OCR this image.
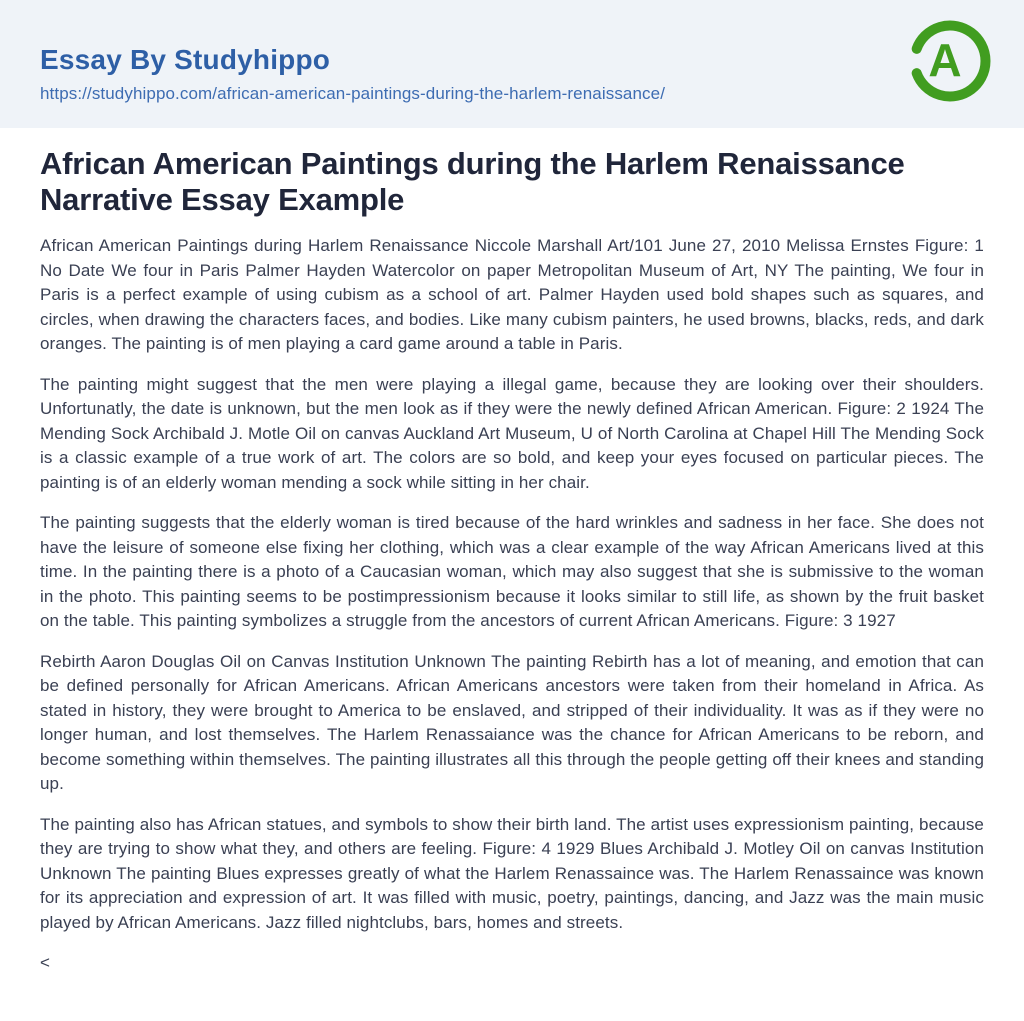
Essay By Studyhippo
https://studyhippo.com/african-american-paintings-during-the-harlem-renaissance/
A
African American Paintings during the Harlem Renaissance Narrative Essay Example

African American Paintings during Harlem Renaissance Niccole Marshall Art/101 June 27, 2010 Melissa Ernstes Figure: 1 No Date We four in Paris Palmer Hayden Watercolor on paper Metropolitan Museum of Art, NY The painting, We four in Paris is a perfect example of using cubism as a school of art. Palmer Hayden used bold shapes such as squares, and circles, when drawing the characters faces, and bodies. Like many cubism painters, he used browns, blacks, reds, and dark oranges. The painting is of men playing a card game around a table in Paris.

The painting might suggest that the men were playing a illegal game, because they are looking over their shoulders. Unfortunatly, the date is unknown, but the men look as if they were the newly defined African American. Figure: 2 1924 The Mending Sock Archibald J. Motle Oil on canvas Auckland Art Museum, U of North Carolina at Chapel Hill The Mending Sock is a classic example of a true work of art. The colors are so bold, and keep your eyes focused on particular pieces. The painting is of an elderly woman mending a sock while sitting in her chair.

The painting suggests that the elderly woman is tired because of the hard wrinkles and sadness in her face. She does not have the leisure of someone else fixing her clothing, which was a clear example of the way African Americans lived at this time. In the painting there is a photo of a Caucasian woman, which may also suggest that she is submissive to the woman in the photo. This painting seems to be postimpressionism because it looks similar to still life, as shown by the fruit basket on the table. This painting symbolizes a struggle from the ancestors of current African Americans. Figure: 3 1927

Rebirth Aaron Douglas Oil on Canvas Institution Unknown The painting Rebirth has a lot of meaning, and emotion that can be defined personally for African Americans. African Americans ancestors were taken from their homeland in Africa. As stated in history, they were brought to America to be enslaved, and stripped of their individuality. It was as if they were no longer human, and lost themselves. The Harlem Renassaiance was the chance for African Americans to be reborn, and become something within themselves. The painting illustrates all this through the people getting off their knees and standing up.

The painting also has African statues, and symbols to show their birth land. The artist uses expressionism painting, because they are trying to show what they, and others are feeling. Figure: 4 1929 Blues Archibald J. Motley Oil on canvas Institution Unknown The painting Blues expresses greatly of what the Harlem Renassaince was. The Harlem Renassaince was known for its appreciation and expression of art. It was filled with music, poetry, paintings, dancing, and Jazz was the main music played by African Americans. Jazz filled nightclubs, bars, homes and streets.

<
